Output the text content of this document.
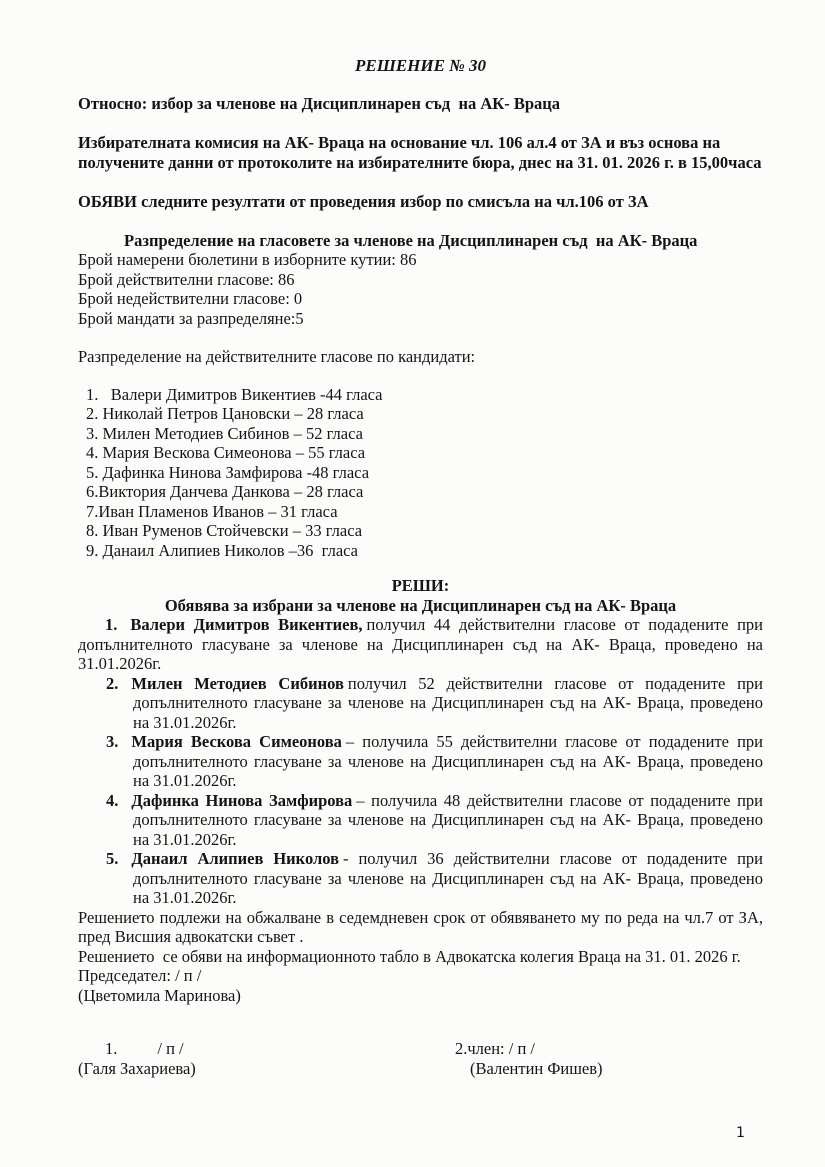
РЕШЕНИЕ № 30
Относно: избор за членове на Дисциплинарен съд  на АК- Враца
Избирателната комисия на АК- Враца на основание чл. 106 ал.4 от ЗА и въз основа на получените данни от протоколите на избирателните бюра, днес на 31. 01. 2026 г. в 15,00часа
ОБЯВИ следните резултати от проведения избор по смисъла на чл.106 от ЗА
Разпределение на гласовете за членове на Дисциплинарен съд  на АК- Враца
Брой намерени бюлетини в изборните кутии: 86
Брой действителни гласове: 86
Брой недействителни гласове: 0
Брой мандати за разпределяне:5
Разпределение на действителните гласове по кандидати:
1.   Валери Димитров Викентиев -44 гласа
2. Николай Петров Цановски – 28 гласа
3. Милен Методиев Сибинов – 52 гласа
4. Мария Вескова Симеонова – 55 гласа
5. Дафинка Нинова Замфирова -48 гласа
6.Виктория Данчева Данкова – 28 гласа
7.Иван Пламенов Иванов – 31 гласа
8. Иван Руменов Стойчевски – 33 гласа
9. Данаил Алипиев Николов –36  гласа
РЕШИ:
Обявява за избрани за членове на Дисциплинарен съд на АК- Враца
1. Валери Димитров Викентиев, получил 44 действителни гласове от подадените при допълнителното гласуване за членове на Дисциплинарен съд на АК- Враца, проведено на 31.01.2026г.
2. Милен Методиев Сибинов получил 52 действителни гласове от подадените при допълнителното гласуване за членове на Дисциплинарен съд на АК- Враца, проведено на 31.01.2026г.
3. Мария Вескова Симеонова – получила 55 действителни гласове от подадените при допълнителното гласуване за членове на Дисциплинарен съд на АК- Враца, проведено на 31.01.2026г.
4. Дафинка Нинова Замфирова – получила 48 действителни гласове от подадените при допълнителното гласуване за членове на Дисциплинарен съд на АК- Враца, проведено на 31.01.2026г.
5. Данаил Алипиев Николов - получил 36 действителни гласове от подадените при допълнителното гласуване за членове на Дисциплинарен съд на АК- Враца, проведено на 31.01.2026г.
Решението подлежи на обжалване в седемдневен срок от обявяването му по реда на чл.7 от ЗА, пред Висшия адвокатски съвет .
Решението  се обяви на информационното табло в Адвокатска колегия Враца на 31. 01. 2026 г.
Председател: / п /
(Цветомила Маринова)
1. / п /	2.член: / п /
(Галя Захариева)	(Валентин Фишев)
1
